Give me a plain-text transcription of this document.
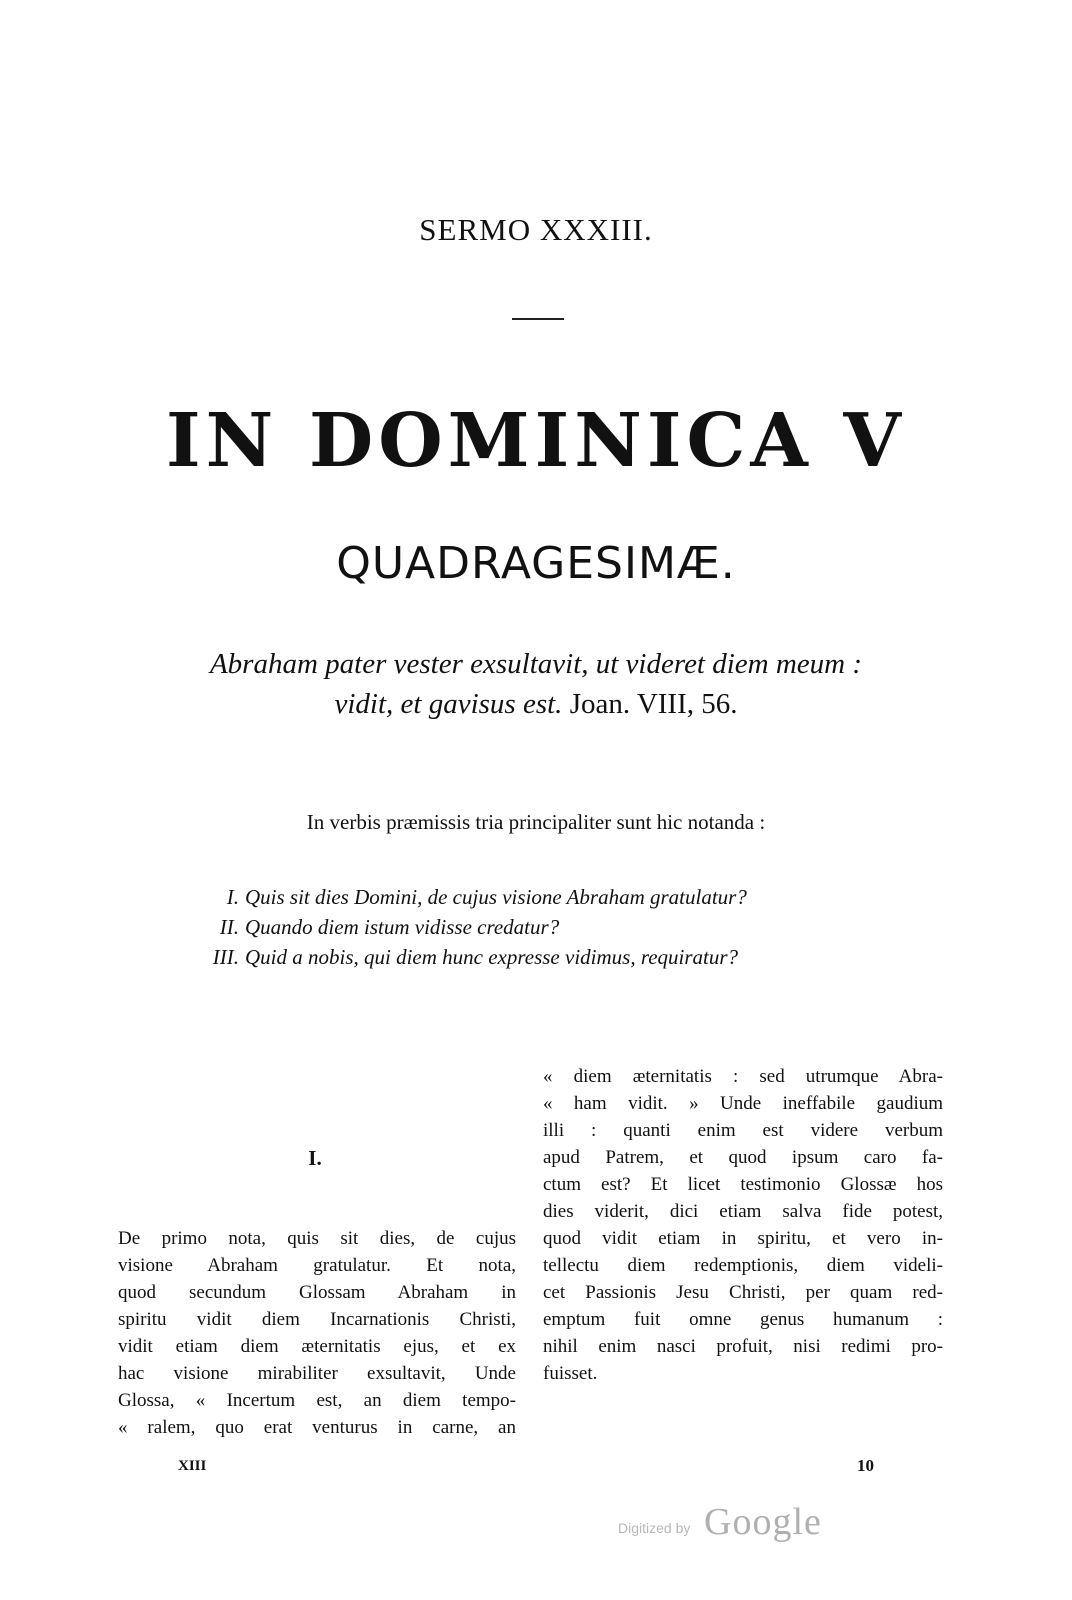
SERMO XXXIII.
IN DOMINICA V
QUADRAGESIMÆ.
Abraham pater vester exsultavit, ut videret diem meum :
vidit, et gavisus est. Joan. VIII, 56.
In verbis præmissis tria principaliter sunt hic notanda :
I. Quis sit dies Domini, de cujus visione Abraham gratulatur?
II. Quando diem istum vidisse credatur?
III. Quid a nobis, qui diem hunc expresse vidimus, requiratur?
I.
De primo nota, quis sit dies, de cujus
visione Abraham gratulatur. Et nota,
quod secundum Glossam Abraham in
spiritu vidit diem Incarnationis Christi,
vidit etiam diem æternitatis ejus, et ex
hac visione mirabiliter exsultavit, Unde
Glossa, « Incertum est, an diem tempo-
« ralem, quo erat venturus in carne, an
« diem æternitatis : sed utrumque Abra-
« ham vidit. » Unde ineffabile gaudium
illi : quanti enim est videre verbum
apud Patrem, et quod ipsum caro fa-
ctum est? Et licet testimonio Glossæ hos
dies viderit, dici etiam salva fide potest,
quod vidit etiam in spiritu, et vero in-
tellectu diem redemptionis, diem videli-
cet Passionis Jesu Christi, per quam red-
emptum fuit omne genus humanum :
nihil enim nasci profuit, nisi redimi pro-
fuisset.
XIII	10
Digitized by Google
